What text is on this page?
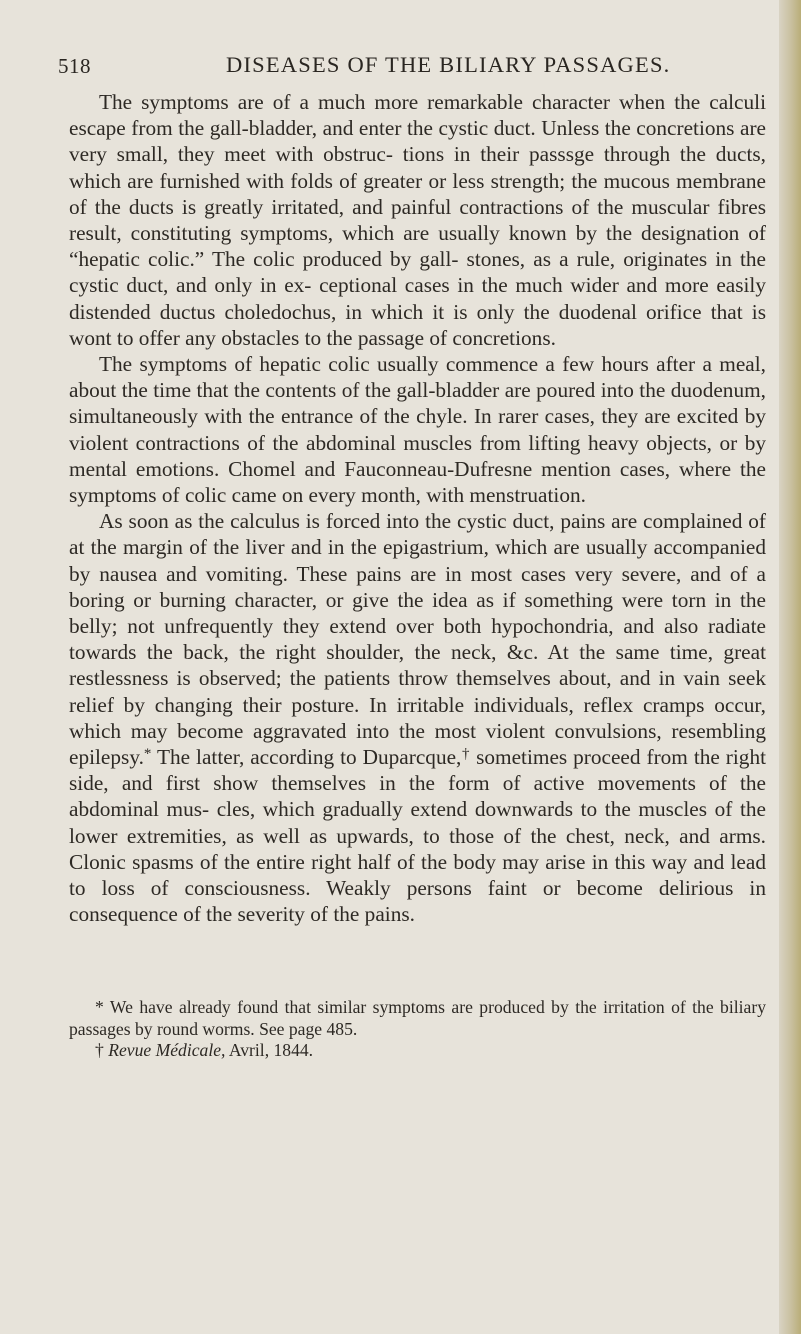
518	DISEASES OF THE BILIARY PASSAGES.

The symptoms are of a much more remarkable character when the calculi escape from the gall-bladder, and enter the cystic duct. Unless the concretions are very small, they meet with obstruc- tions in their passsge through the ducts, which are furnished with folds of greater or less strength; the mucous membrane of the ducts is greatly irritated, and painful contractions of the muscular fibres result, constituting symptoms, which are usually known by the designation of “hepatic colic.” The colic produced by gall- stones, as a rule, originates in the cystic duct, and only in ex- ceptional cases in the much wider and more easily distended ductus choledochus, in which it is only the duodenal orifice that is wont to offer any obstacles to the passage of concretions.

The symptoms of hepatic colic usually commence a few hours after a meal, about the time that the contents of the gall-bladder are poured into the duodenum, simultaneously with the entrance of the chyle. In rarer cases, they are excited by violent contractions of the abdominal muscles from lifting heavy objects, or by mental emotions. Chomel and Fauconneau-Dufresne mention cases, where the symptoms of colic came on every month, with menstruation.

As soon as the calculus is forced into the cystic duct, pains are complained of at the margin of the liver and in the epigastrium, which are usually accompanied by nausea and vomiting. These pains are in most cases very severe, and of a boring or burning character, or give the idea as if something were torn in the belly; not unfrequently they extend over both hypochondria, and also radiate towards the back, the right shoulder, the neck, &c. At the same time, great restlessness is observed; the patients throw themselves about, and in vain seek relief by changing their posture. In irritable individuals, reflex cramps occur, which may become aggravated into the most violent convulsions, resembling epilepsy.* The latter, according to Duparcque,† sometimes proceed from the right side, and first show themselves in the form of active movements of the abdominal mus- cles, which gradually extend downwards to the muscles of the lower extremities, as well as upwards, to those of the chest, neck, and arms. Clonic spasms of the entire right half of the body may arise in this way and lead to loss of consciousness. Weakly persons faint or become delirious in consequence of the severity of the pains.

* We have already found that similar symptoms are produced by the irritation of the biliary passages by round worms. See page 485.

† Revue Médicale, Avril, 1844.
